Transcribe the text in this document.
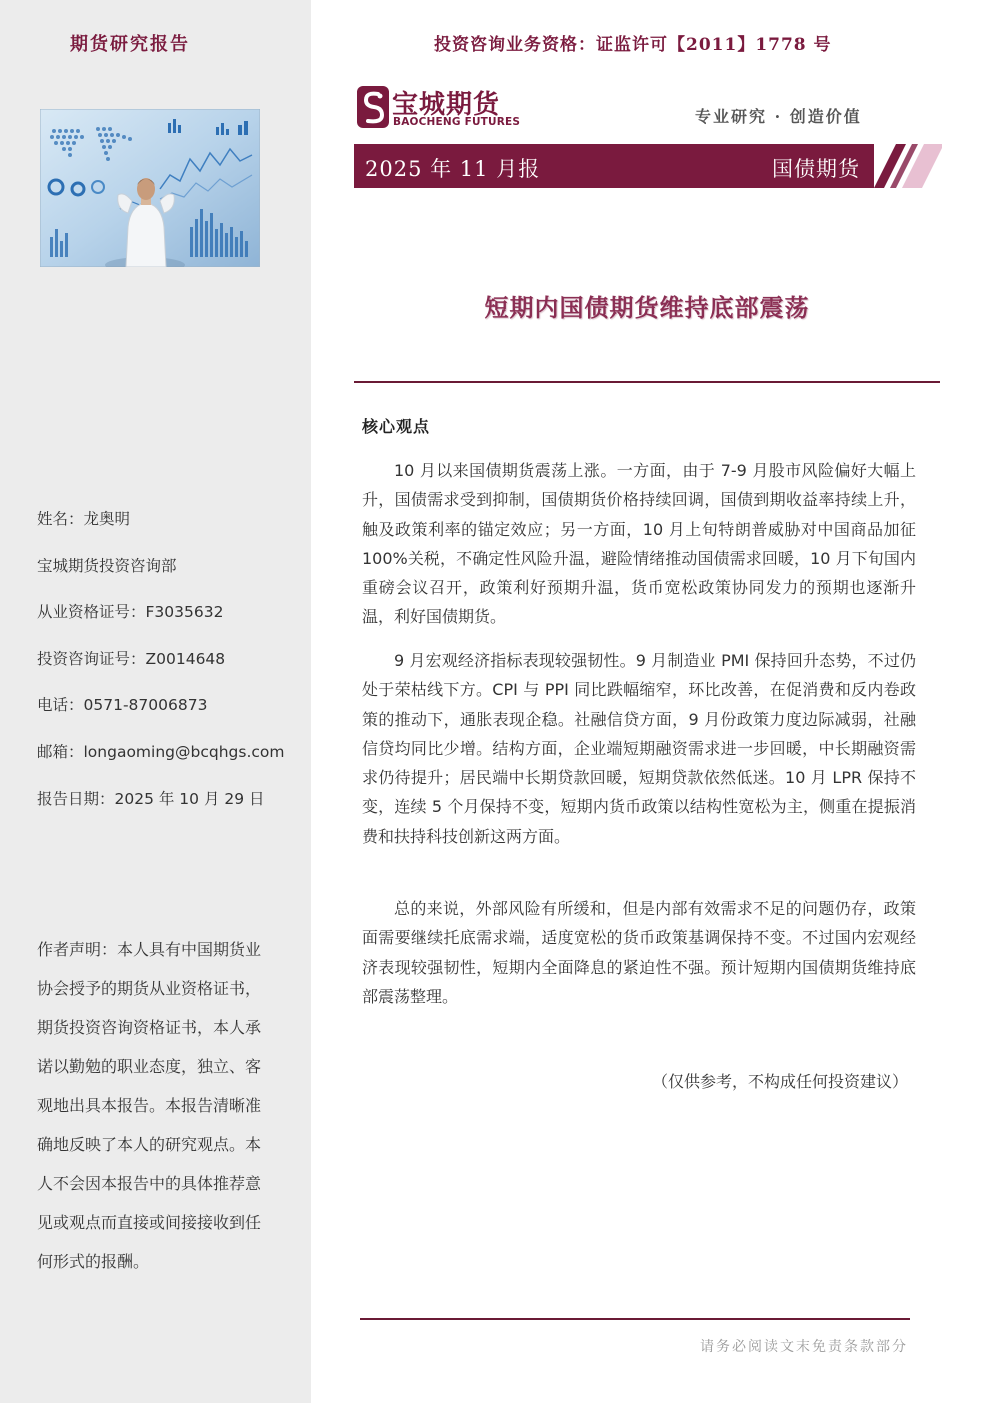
期货研究报告
姓名：龙奥明
宝城期货投资咨询部
从业资格证号：F3035632
投资咨询证号：Z0014648
电话：0571-87006873
邮箱：longaoming@bcqhgs.com
报告日期：2025 年 10 月 29 日
作者声明：本人具有中国期货业协会授予的期货从业资格证书，期货投资咨询资格证书，本人承诺以勤勉的职业态度，独立、客观地出具本报告。本报告清晰准确地反映了本人的研究观点。本人不会因本报告中的具体推荐意见或观点而直接或间接接收到任何形式的报酬。
投资咨询业务资格：证监许可【2011】1778 号
宝城期货
BAOCHENG FUTURES	专业研究 · 创造价值
2025 年 11 月报	国债期货
短期内国债期货维持底部震荡
核心观点

10 月以来国债期货震荡上涨。一方面，由于 7-9 月股市风险偏好大幅上升，国债需求受到抑制，国债期货价格持续回调，国债到期收益率持续上升，触及政策利率的锚定效应；另一方面，10 月上旬特朗普威胁对中国商品加征 100%关税，不确定性风险升温，避险情绪推动国债需求回暖，10 月下旬国内重磅会议召开，政策利好预期升温，货币宽松政策协同发力的预期也逐渐升温，利好国债期货。

9 月宏观经济指标表现较强韧性。9 月制造业 PMI 保持回升态势，不过仍处于荣枯线下方。CPI 与 PPI 同比跌幅缩窄，环比改善，在促消费和反内卷政策的推动下，通胀表现企稳。社融信贷方面，9 月份政策力度边际减弱，社融信贷均同比少增。结构方面，企业端短期融资需求进一步回暖，中长期融资需求仍待提升；居民端中长期贷款回暖，短期贷款依然低迷。10 月 LPR 保持不变，连续 5 个月保持不变，短期内货币政策以结构性宽松为主，侧重在提振消费和扶持科技创新这两方面。

总的来说，外部风险有所缓和，但是内部有效需求不足的问题仍存，政策面需要继续托底需求端，适度宽松的货币政策基调保持不变。不过国内宏观经济表现较强韧性，短期内全面降息的紧迫性不强。预计短期内国债期货维持底部震荡整理。

（仅供参考，不构成任何投资建议）
请务必阅读文末免责条款部分
